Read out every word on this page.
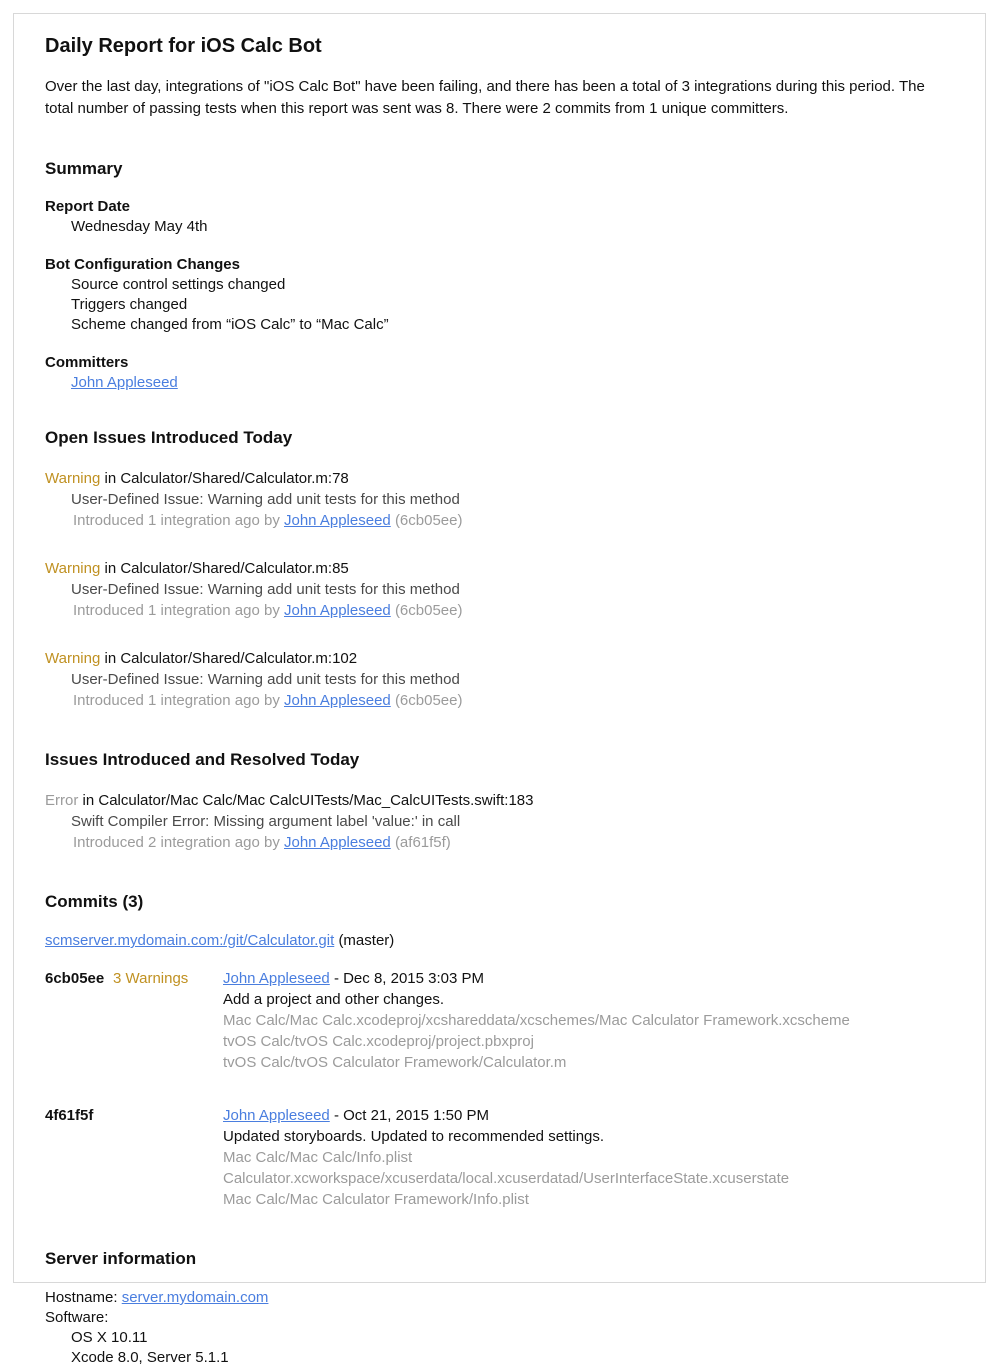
Daily Report for iOS Calc Bot

Over the last day, integrations of "iOS Calc Bot" have been failing, and there has been a total of 3 integrations during this period. The total number of passing tests when this report was sent was 8. There were 2 commits from 1 unique committers.

Summary
Report Date
Wednesday May 4th
Bot Configuration Changes
Source control settings changed
Triggers changed
Scheme changed from “iOS Calc” to “Mac Calc”
Committers
John Appleseed
Open Issues Introduced Today
Warning in Calculator/Shared/Calculator.m:78
User-Defined Issue: Warning add unit tests for this method
Introduced 1 integration ago by John Appleseed (6cb05ee)
Warning in Calculator/Shared/Calculator.m:85
User-Defined Issue: Warning add unit tests for this method
Introduced 1 integration ago by John Appleseed (6cb05ee)
Warning in Calculator/Shared/Calculator.m:102
User-Defined Issue: Warning add unit tests for this method
Introduced 1 integration ago by John Appleseed (6cb05ee)
Issues Introduced and Resolved Today
Error in Calculator/Mac Calc/Mac CalcUITests/Mac_CalcUITests.swift:183
Swift Compiler Error: Missing argument label 'value:' in call
Introduced 2 integration ago by John Appleseed (af61f5f)
Commits (3)
scmserver.mydomain.com:/git/Calculator.git (master)
6cb05ee 3 Warnings	John Appleseed - Dec 8, 2015 3:03 PM
Add a project and other changes.
Mac Calc/Mac Calc.xcodeproj/xcshareddata/xcschemes/Mac Calculator Framework.xcscheme
tvOS Calc/tvOS Calc.xcodeproj/project.pbxproj
tvOS Calc/tvOS Calculator Framework/Calculator.m
4f61f5f	John Appleseed - Oct 21, 2015 1:50 PM
Updated storyboards. Updated to recommended settings.
Mac Calc/Mac Calc/Info.plist
Calculator.xcworkspace/xcuserdata/local.xcuserdatad/UserInterfaceState.xcuserstate
Mac Calc/Mac Calculator Framework/Info.plist
Server information
Hostname: server.mydomain.com
Software:
OS X 10.11
Xcode 8.0, Server 5.1.1
